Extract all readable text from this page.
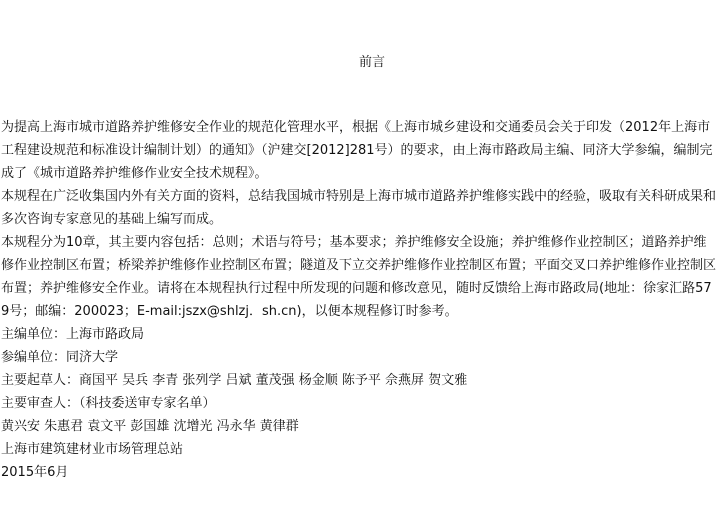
前言

为提高上海市城市道路养护维修安全作业的规范化管理水平，根据《上海市城乡建设和交通委员会关于印发（2012年上海市工程建设规范和标准设计编制计划）的通知》（沪建交[2012]281号）的要求，由上海市路政局主编、同济大学参编，编制完成了《城市道路养护维修作业安全技术规程》。

本规程在广泛收集国内外有关方面的资料，总结我国城市特别是上海市城市道路养护维修实践中的经验，吸取有关科研成果和多次咨询专家意见的基础上编写而成。

本规程分为10章，其主要内容包括：总则；术语与符号；基本要求；养护维修安全设施；养护维修作业控制区；道路养护维修作业控制区布置；桥梁养护维修作业控制区布置；隧道及下立交养护维修作业控制区布置；平面交叉口养护维修作业控制区布置；养护维修安全作业。请将在本规程执行过程中所发现的问题和修改意见，随时反馈给上海市路政局(地址：徐家汇路579号；邮编：200023；E-mail:jszx@shlzj．sh.cn)，以便本规程修订时参考。

主编单位：上海市路政局

参编单位：同济大学

主要起草人：商国平 吴兵 李青 张列学 吕斌 董茂强 杨金顺 陈予平 佘燕屏 贺文雅

主要审查人：（科技委送审专家名单）

黄兴安 朱惠君 袁文平 彭国雄 沈增光 冯永华 黄律群

上海市建筑建材业市场管理总站

2015年6月
